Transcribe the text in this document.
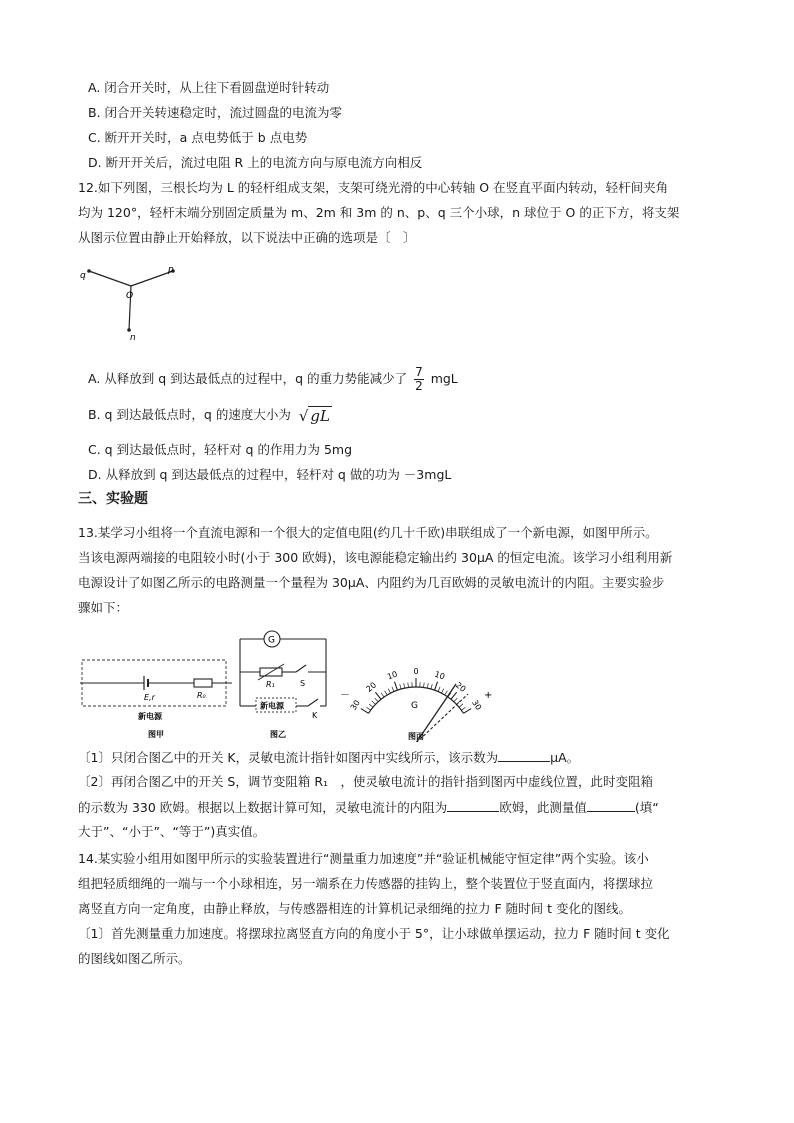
A. 闭合开关时，从上往下看圆盘逆时针转动
B. 闭合开关转速稳定时，流过圆盘的电流为零
C. 断开开关时，a 点电势低于 b 点电势
D. 断开开关后，流过电阻 R 上的电流方向与原电流方向相反
12.如下列图，三根长均为 L 的轻杆组成支架，支架可绕光滑的中心转轴 O 在竖直平面内转动，轻杆间夹角
均为 120°，轻杆末端分别固定质量为 m、2m 和 3m 的 n、p、q 三个小球，n 球位于 O 的正下方，将支架
从图示位置由静止开始释放，以下说法中正确的选项是〔　〕
q
O
p
n
A. 从释放到 q 到达最低点的过程中，q 的重力势能减少了 $\frac{7}{2}$ mgL
B. q 到达最低点时，q 的速度大小为 √ gL
C. q 到达最低点时，轻杆对 q 的作用力为 5mg
D. 从释放到 q 到达最低点的过程中，轻杆对 q 做的功为 －3mgL
三、实验题
13.某学习小组将一个直流电源和一个很大的定值电阻(约几十千欧)串联组成了一个新电源，如图甲所示。
当该电源两端接的电阻较小时(小于 300 欧姆)，该电源能稳定输出约 30μA 的恒定电流。该学习小组利用新
电源设计了如图乙所示的电路测量一个量程为 30μA、内阻约为几百欧姆的灵敏电流计的内阻。主要实验步
骤如下：
E,r	R₀
新电源
图甲
G
R₁	S
新电源
K
图乙
30
20
10 0 10
20
30
－	+
G
图丙
〔1〕只闭合图乙中的开关 K，灵敏电流计指针如图丙中实线所示，该示数为	μA。
〔2〕再闭合图乙中的开关 S，调节变阻箱 R₁　，使灵敏电流计的指针指到图丙中虚线位置，此时变阻箱
的示数为 330 欧姆。根据以上数据计算可知，灵敏电流计的内阻为	欧姆，此测量值	(填“
大于”、“小于”、“等于”)真实值。
14.某实验小组用如图甲所示的实验装置进行“测量重力加速度”并“验证机械能守恒定律”两个实验。该小
组把轻质细绳的一端与一个小球相连，另一端系在力传感器的挂钩上，整个装置位于竖直面内，将摆球拉
离竖直方向一定角度，由静止释放，与传感器相连的计算机记录细绳的拉力 F 随时间 t 变化的图线。
〔1〕首先测量重力加速度。将摆球拉离竖直方向的角度小于 5°，让小球做单摆运动，拉力 F 随时间 t 变化
的图线如图乙所示。
